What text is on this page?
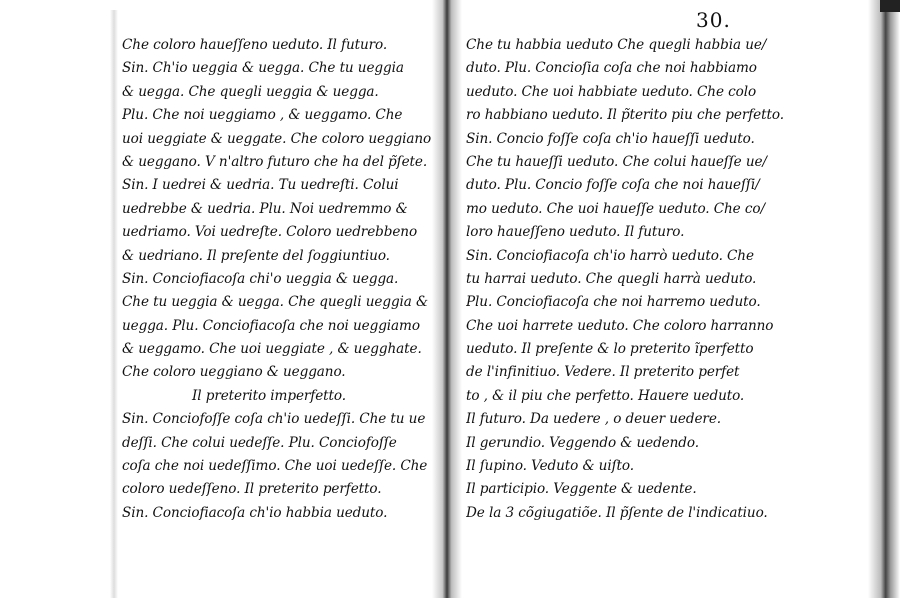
30.
Che coloro haueſſeno ueduto. Il futuro.
Sin. Ch'io ueggia & uegga. Che tu ueggia
& uegga. Che quegli ueggia & uegga.
Plu. Che noi ueggiamo , & ueggamo. Che
uoi ueggiate & ueggate. Che coloro ueggiano
& ueggano. V n'altro futuro che ha del p̃ſete.
Sin. I uedrei & uedria. Tu uedreſti. Colui
uedrebbe & uedria. Plu. Noi uedremmo &
uedriamo. Voi uedreſte. Coloro uedrebbeno
& uedriano. Il preſente del ſoggiuntiuo.
Sin. Conciofiacoſa chi'o ueggia & uegga.
Che tu ueggia & uegga. Che quegli ueggia &
uegga. Plu. Conciofiacoſa che noi ueggiamo
& ueggamo. Che uoi ueggiate , & uegghate.
Che coloro ueggiano & ueggano.
Il preterito imperfetto.
Sin. Conciofoſſe coſa ch'io uedeſſi. Che tu ue
deſſi. Che colui uedeſſe. Plu. Conciofoſſe
coſa che noi uedeſſimo. Che uoi uedeſſe. Che
coloro uedeſſeno. Il preterito perfetto.
Sin. Conciofiacoſa ch'io habbia ueduto.
Che tu habbia ueduto Che quegli habbia ue/
duto. Plu. Concioſia coſa che noi habbiamo
ueduto. Che uoi habbiate ueduto. Che colo
ro habbiano ueduto. Il p̃terito piu che perfetto.
Sin. Concio foſſe coſa ch'io haueſſi ueduto.
Che tu haueſſi ueduto. Che colui haueſſe ue/
duto. Plu. Concio foſſe coſa che noi haueſſi/
mo ueduto. Che uoi haueſſe ueduto. Che co/
loro haueſſeno ueduto. Il futuro.
Sin. Conciofiacoſa ch'io harrò ueduto. Che
tu harrai ueduto. Che quegli harrà ueduto.
Plu. Conciofiacoſa che noi harremo ueduto.
Che uoi harrete ueduto. Che coloro harranno
ueduto. Il preſente & lo preterito ĩperfetto
de l'infinitiuo. Vedere. Il preterito perfet
to , & il piu che perfetto. Hauere ueduto.
Il futuro. Da uedere , o deuer uedere.
Il gerundio. Veggendo & uedendo.
Il ſupino. Veduto & uiſto.
Il participio. Veggente & uedente.
De la 3 cõgiugatiõe. Il p̃ſente de l'indicatiuo.
